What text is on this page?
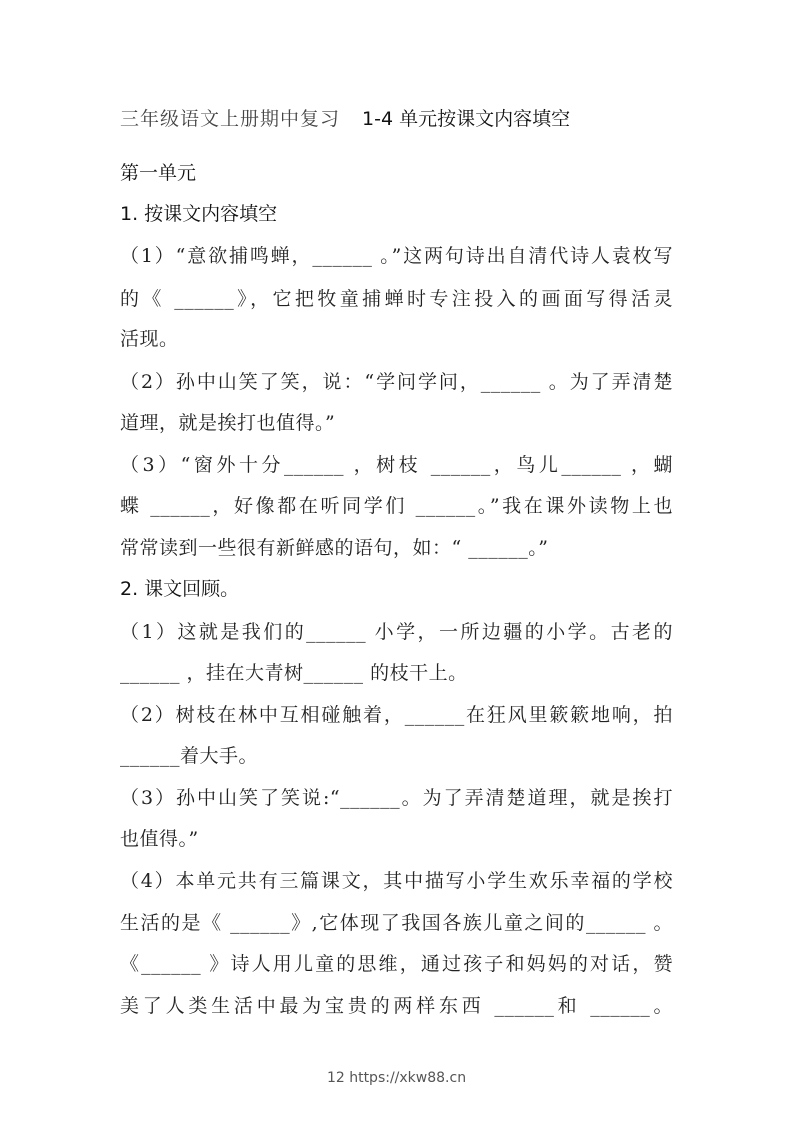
三年级语文上册期中复习 1-4 单元按课文内容填空
第一单元
1. 按课文内容填空
（1）“意欲捕鸣蝉，______ 。”这两句诗出自清代诗人袁枚写
的《 ______》，它把牧童捕蝉时专注投入的画面写得活灵
活现。
（2）孙中山笑了笑，说：“学问学问，______ 。为了弄清楚
道理，就是挨打也值得。”
（3）“窗外十分______ ，树枝 ______，鸟儿______ ，蝴
蝶 ______，好像都在听同学们 ______。”我在课外读物上也
常常读到一些很有新鲜感的语句，如：“ ______。”
2. 课文回顾。
（1）这就是我们的______ 小学，一所边疆的小学。古老的
______ ，挂在大青树______ 的枝干上。
（2）树枝在林中互相碰触着，______在狂风里簌簌地响，拍
______着大手。
（3）孙中山笑了笑说:“______。为了弄清楚道理，就是挨打
也值得。”
（4）本单元共有三篇课文，其中描写小学生欢乐幸福的学校
生活的是《 ______》,它体现了我国各族儿童之间的______ 。
《______ 》诗人用儿童的思维，通过孩子和妈妈的对话，赞
美了人类生活中最为宝贵的两样东西 ______和 ______。
12 https://xkw88.cn
